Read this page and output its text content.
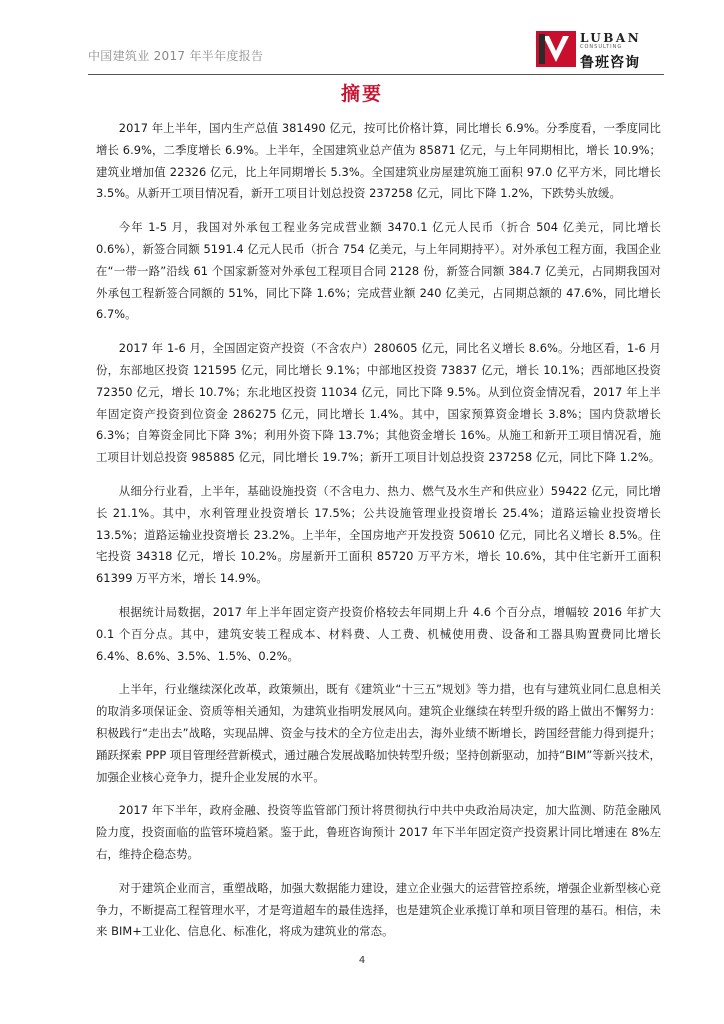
中国建筑业 2017 年半年度报告
LUBAN
CONSULTING
鲁班咨询
摘要

2017 年上半年，国内生产总值 381490 亿元，按可比价格计算，同比增长 6.9%。分季度看，一季度同比增长 6.9%，二季度增长 6.9%。上半年，全国建筑业总产值为 85871 亿元，与上年同期相比，增长 10.9%；建筑业增加值 22326 亿元，比上年同期增长 5.3%。全国建筑业房屋建筑施工面积 97.0 亿平方米，同比增长 3.5%。从新开工项目情况看，新开工项目计划总投资 237258 亿元，同比下降 1.2%，下跌势头放缓。

今年 1-5 月，我国对外承包工程业务完成营业额 3470.1 亿元人民币（折合 504 亿美元，同比增长 0.6%），新签合同额 5191.4 亿元人民币（折合 754 亿美元，与上年同期持平）。对外承包工程方面，我国企业在“一带一路”沿线 61 个国家新签对外承包工程项目合同 2128 份，新签合同额 384.7 亿美元，占同期我国对外承包工程新签合同额的 51%，同比下降 1.6%；完成营业额 240 亿美元，占同期总额的 47.6%，同比增长 6.7%。

2017 年 1-6 月，全国固定资产投资（不含农户）280605 亿元，同比名义增长 8.6%。分地区看，1-6 月份，东部地区投资 121595 亿元，同比增长 9.1%；中部地区投资 73837 亿元，增长 10.1%；西部地区投资 72350 亿元，增长 10.7%；东北地区投资 11034 亿元，同比下降 9.5%。从到位资金情况看，2017 年上半年固定资产投资到位资金 286275 亿元，同比增长 1.4%。其中，国家预算资金增长 3.8%；国内贷款增长 6.3%；自筹资金同比下降 3%；利用外资下降 13.7%；其他资金增长 16%。从施工和新开工项目情况看，施工项目计划总投资 985885 亿元，同比增长 19.7%；新开工项目计划总投资 237258 亿元，同比下降 1.2%。

从细分行业看，上半年，基础设施投资（不含电力、热力、燃气及水生产和供应业）59422 亿元，同比增长 21.1%。其中，水利管理业投资增长 17.5%；公共设施管理业投资增长 25.4%；道路运输业投资增长 13.5%；道路运输业投资增长 23.2%。上半年，全国房地产开发投资 50610 亿元，同比名义增长 8.5%。住宅投资 34318 亿元，增长 10.2%。房屋新开工面积 85720 万平方米，增长 10.6%，其中住宅新开工面积 61399 万平方米，增长 14.9%。

根据统计局数据，2017 年上半年固定资产投资价格较去年同期上升 4.6 个百分点，增幅较 2016 年扩大 0.1 个百分点。其中，建筑安装工程成本、材料费、人工费、机械使用费、设备和工器具购置费同比增长 6.4%、8.6%、3.5%、1.5%、0.2%。

上半年，行业继续深化改革，政策频出，既有《建筑业“十三五”规划》等力措，也有与建筑业同仁息息相关的取消多项保证金、资质等相关通知，为建筑业指明发展风向。建筑企业继续在转型升级的路上做出不懈努力：积极践行“走出去”战略，实现品牌、资金与技术的全方位走出去，海外业绩不断增长，跨国经营能力得到提升；踊跃探索 PPP 项目管理经营新模式，通过融合发展战略加快转型升级；坚持创新驱动，加持“BIM”等新兴技术，加强企业核心竞争力，提升企业发展的水平。

2017 年下半年，政府金融、投资等监管部门预计将贯彻执行中共中央政治局决定，加大监测、防范金融风险力度，投资面临的监管环境趋紧。鉴于此，鲁班咨询预计 2017 年下半年固定资产投资累计同比增速在 8%左右，维持企稳态势。

对于建筑企业而言，重塑战略，加强大数据能力建设，建立企业强大的运营管控系统，增强企业新型核心竞争力，不断提高工程管理水平，才是弯道超车的最佳选择，也是建筑企业承揽订单和项目管理的基石。相信，未来 BIM+工业化、信息化、标准化，将成为建筑业的常态。

4
